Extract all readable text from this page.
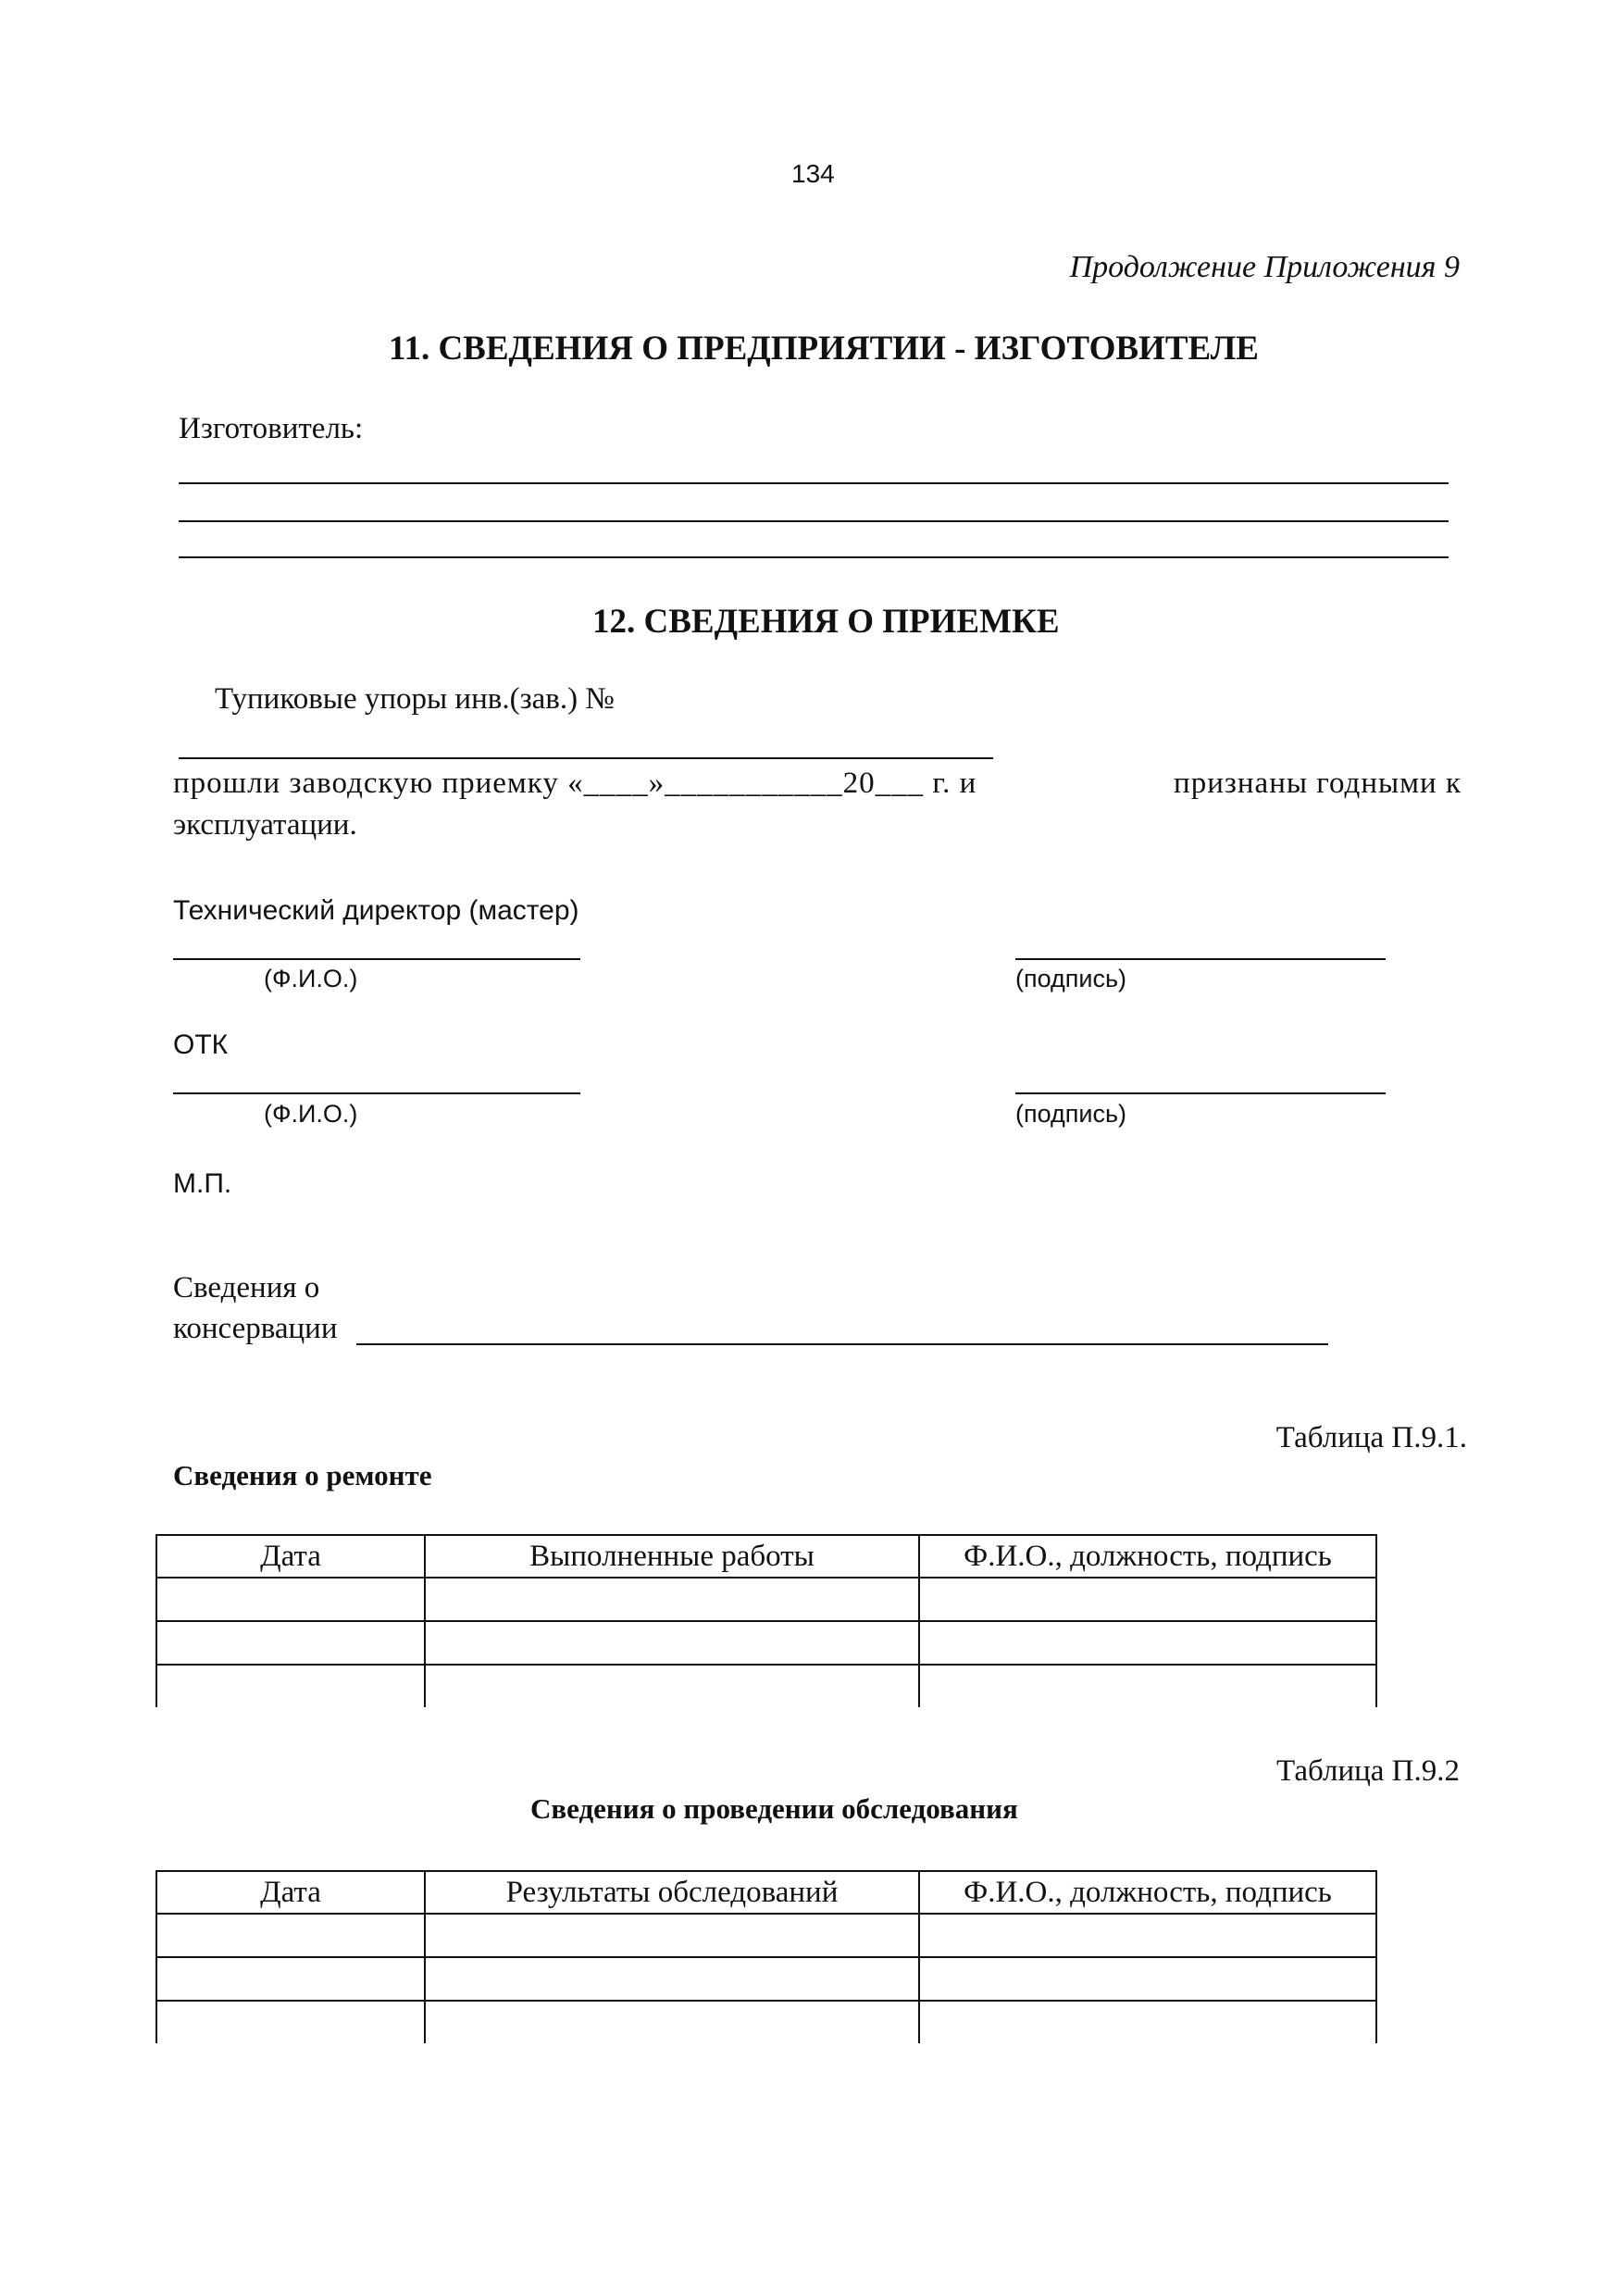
134
Продолжение Приложения 9
11. СВЕДЕНИЯ О ПРЕДПРИЯТИИ - ИЗГОТОВИТЕЛЕ
Изготовитель:
12. СВЕДЕНИЯ О ПРИЕМКЕ
Тупиковые упоры инв.(зав.) №
прошли заводскую приемку «____»___________20___ г. и	признаны годными к
эксплуатации.
Технический директор (мастер)
(Ф.И.О.)	(подпись)
ОТК
(Ф.И.О.)	(подпись)
М.П.
Сведения о
консервации
Таблица П.9.1.
Сведения о ремонте
Дата	Выполненные работы	Ф.И.О., должность, подпись

Таблица П.9.2
Сведения о проведении обследования
Дата	Результаты обследований	Ф.И.О., должность, подпись
